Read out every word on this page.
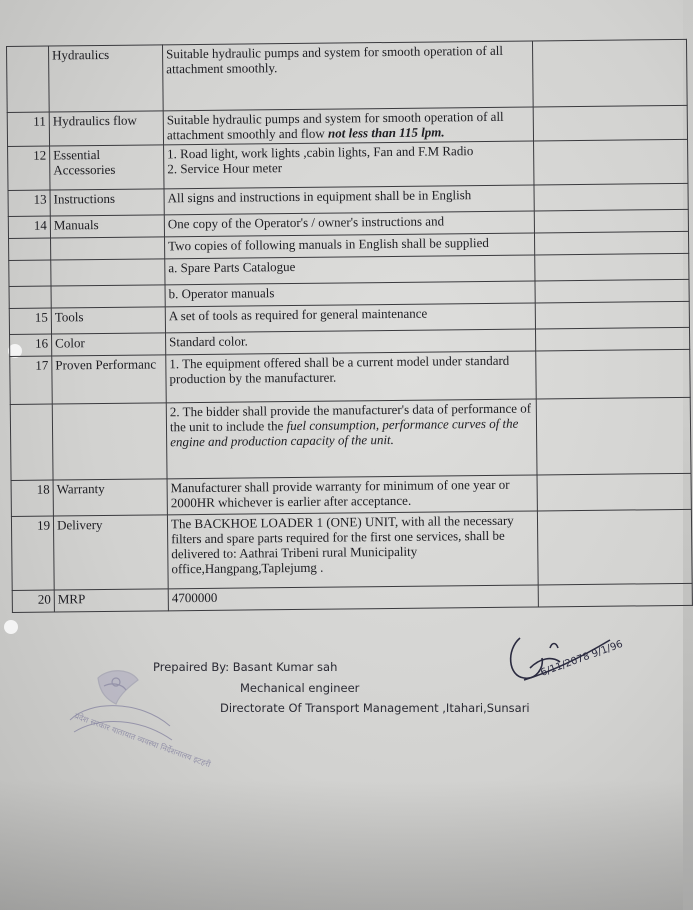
	Hydraulics	Suitable hydraulic pumps and system for smooth operation of all attachment smoothly.	
11	Hydraulics flow	Suitable hydraulic pumps and system for smooth operation of all attachment smoothly and flow not less than 115 lpm.	
12	Essential Accessories	1. Road light, work lights ,cabin lights, Fan and F.M Radio
2. Service Hour meter	

13	Instructions	All signs and instructions in equipment shall be in English	
14	Manuals	One copy of the Operator's / owner's instructions and	
		Two copies of following manuals in English shall be supplied	
		a. Spare Parts Catalogue	
		b. Operator manuals	
15	Tools	A set of tools as required for general maintenance	
16	Color	Standard color.	
17	Proven Performanc	1. The equipment offered shall be a current model under standard production by the manufacturer.	
		2. The bidder shall provide the manufacturer's data of performance of the unit to include the fuel consumption, performance curves of the engine and production capacity of the unit.	
18	Warranty	Manufacturer shall provide warranty for minimum of one year or 2000HR whichever is earlier after acceptance.	
19	Delivery	The BACKHOE LOADER 1 (ONE) UNIT, with all the necessary filters and spare parts required for the first one services, shall be delivered to: Aathrai Tribeni rural Municipality office,Hangpang,Taplejumg .	
20	MRP	4700000	
प्रदेश सरकार यातायात व्यवस्था निर्देशनालय इटहरी
6/11/2078 9/1/96
Prepaired By: Basant Kumar sah
Mechanical engineer
Directorate Of Transport Management ,Itahari,Sunsari
